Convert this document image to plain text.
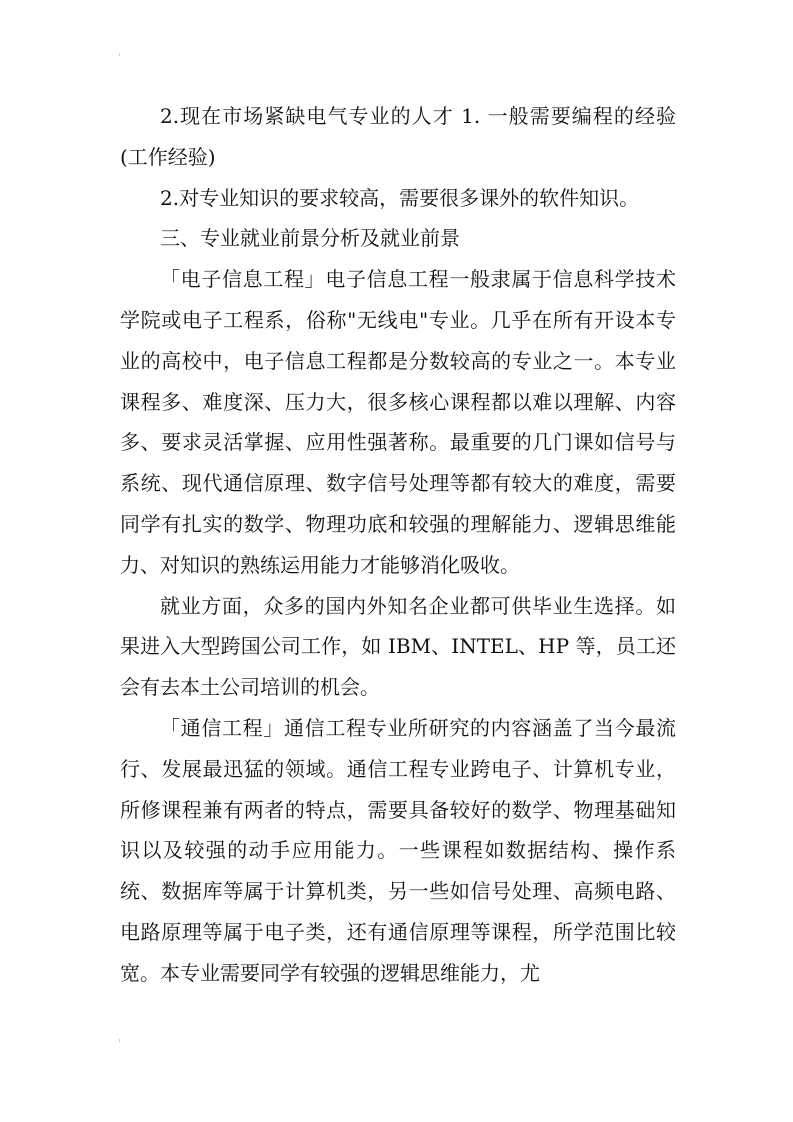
'

2.现在市场紧缺电气专业的人才 1. 一般需要编程的经验(工作经验)

2.对专业知识的要求较高，需要很多课外的软件知识。

三、专业就业前景分析及就业前景

「电子信息工程」电子信息工程一般隶属于信息科学技术学院或电子工程系，俗称"无线电"专业。几乎在所有开设本专业的高校中，电子信息工程都是分数较高的专业之一。本专业课程多、难度深、压力大，很多核心课程都以难以理解、内容多、要求灵活掌握、应用性强著称。最重要的几门课如信号与系统、现代通信原理、数字信号处理等都有较大的难度，需要同学有扎实的数学、物理功底和较强的理解能力、逻辑思维能力、对知识的熟练运用能力才能够消化吸收。

就业方面，众多的国内外知名企业都可供毕业生选择。如果进入大型跨国公司工作，如 IBM、INTEL、HP 等，员工还会有去本土公司培训的机会。

「通信工程」通信工程专业所研究的内容涵盖了当今最流行、发展最迅猛的领域。通信工程专业跨电子、计算机专业，所修课程兼有两者的特点，需要具备较好的数学、物理基础知识以及较强的动手应用能力。一些课程如数据结构、操作系统、数据库等属于计算机类，另一些如信号处理、高频电路、电路原理等属于电子类，还有通信原理等课程，所学范围比较宽。本专业需要同学有较强的逻辑思维能力，尤

'
